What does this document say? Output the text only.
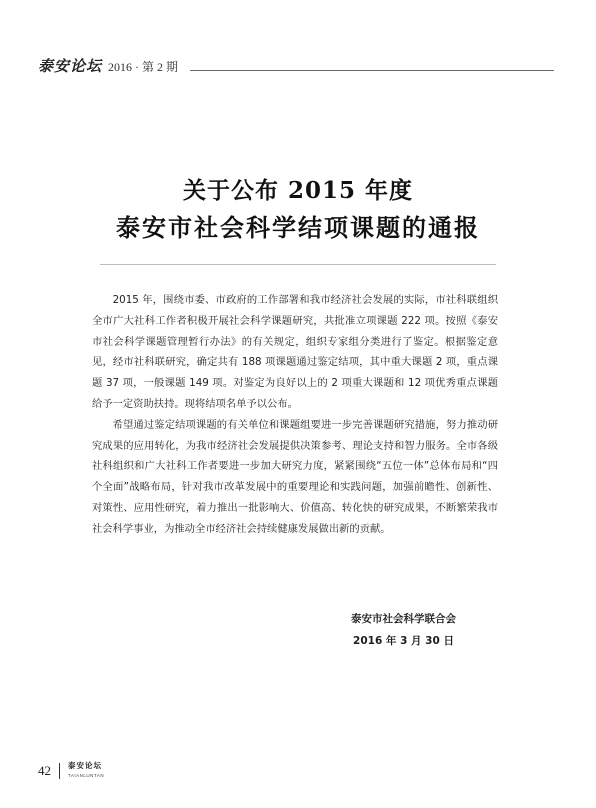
泰安论坛 2016 · 第 2 期
关于公布 2015 年度
泰安市社会科学结项课题的通报

2015 年，围绕市委、市政府的工作部署和我市经济社会发展的实际，市社科联组织全市广大社科工作者积极开展社会科学课题研究，共批准立项课题 222 项。按照《泰安市社会科学课题管理暂行办法》的有关规定，组织专家组分类进行了鉴定。根据鉴定意见，经市社科联研究，确定共有 188 项课题通过鉴定结项，其中重大课题 2 项，重点课题 37 项，一般课题 149 项。对鉴定为良好以上的 2 项重大课题和 12 项优秀重点课题给予一定资助扶持。现将结项名单予以公布。

希望通过鉴定结项课题的有关单位和课题组要进一步完善课题研究措施，努力推动研究成果的应用转化，为我市经济社会发展提供决策参考、理论支持和智力服务。全市各级社科组织和广大社科工作者要进一步加大研究力度，紧紧围绕“五位一体”总体布局和“四个全面”战略布局，针对我市改革发展中的重要理论和实践问题，加强前瞻性、创新性、对策性、应用性研究，着力推出一批影响大、价值高、转化快的研究成果，不断繁荣我市社会科学事业，为推动全市经济社会持续健康发展做出新的贡献。

泰安市社会科学联合会
2016 年 3 月 30 日
42 泰安论坛
TAIANLUNTAN
